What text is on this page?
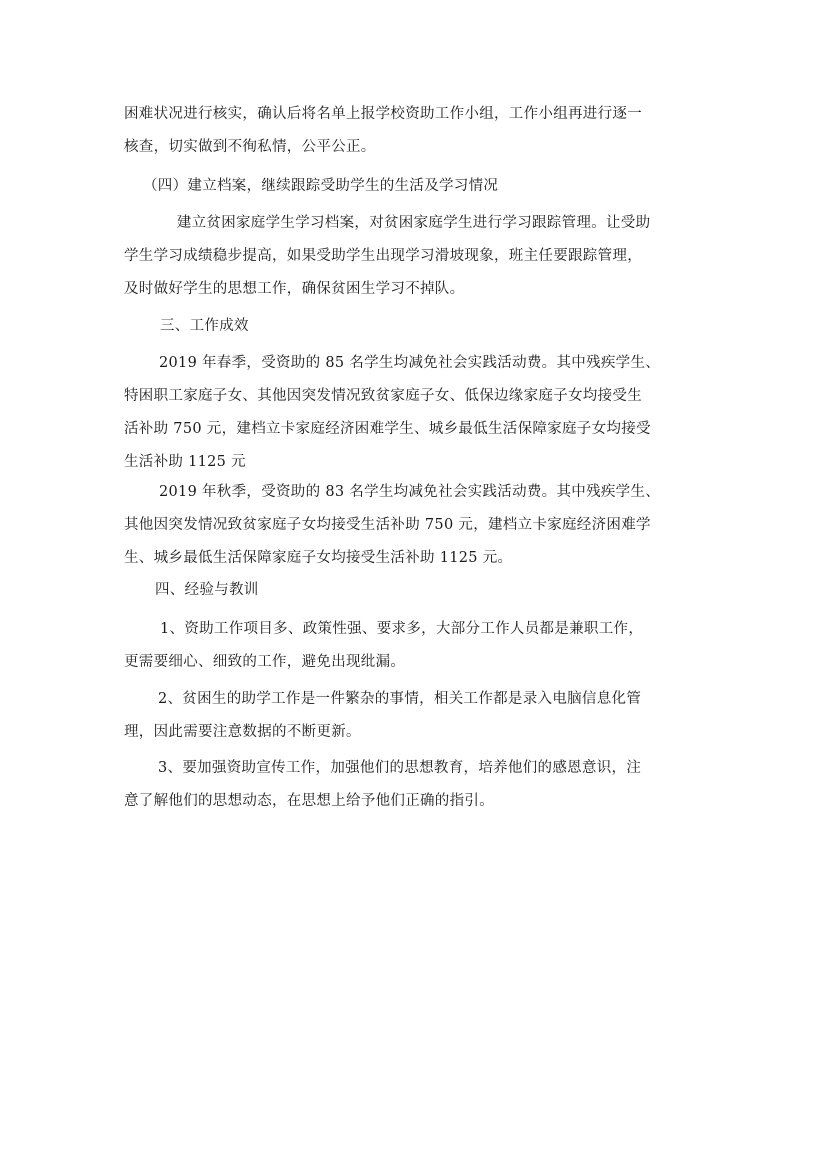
困难状况进行核实，确认后将名单上报学校资助工作小组，工作小组再进行逐一
核查，切实做到不徇私情，公平公正。
（四）建立档案，继续跟踪受助学生的生活及学习情况
　建立贫困家庭学生学习档案，对贫困家庭学生进行学习跟踪管理。让受助
学生学习成绩稳步提高，如果受助学生出现学习滑坡现象，班主任要跟踪管理，
及时做好学生的思想工作，确保贫困生学习不掉队。
三、工作成效
2019 年春季，受资助的 85 名学生均减免社会实践活动费。其中残疾学生、
特困职工家庭子女、其他因突发情况致贫家庭子女、低保边缘家庭子女均接受生
活补助 750 元，建档立卡家庭经济困难学生、城乡最低生活保障家庭子女均接受
生活补助 1125 元
2019 年秋季，受资助的 83 名学生均减免社会实践活动费。其中残疾学生、
其他因突发情况致贫家庭子女均接受生活补助 750 元，建档立卡家庭经济困难学
生、城乡最低生活保障家庭子女均接受生活补助 1125 元。
四、经验与教训
1、资助工作项目多、政策性强、要求多，大部分工作人员都是兼职工作，
更需要细心、细致的工作，避免出现纰漏。
2、贫困生的助学工作是一件繁杂的事情，相关工作都是录入电脑信息化管
理，因此需要注意数据的不断更新。
3、要加强资助宣传工作，加强他们的思想教育，培养他们的感恩意识，注
意了解他们的思想动态，在思想上给予他们正确的指引。
